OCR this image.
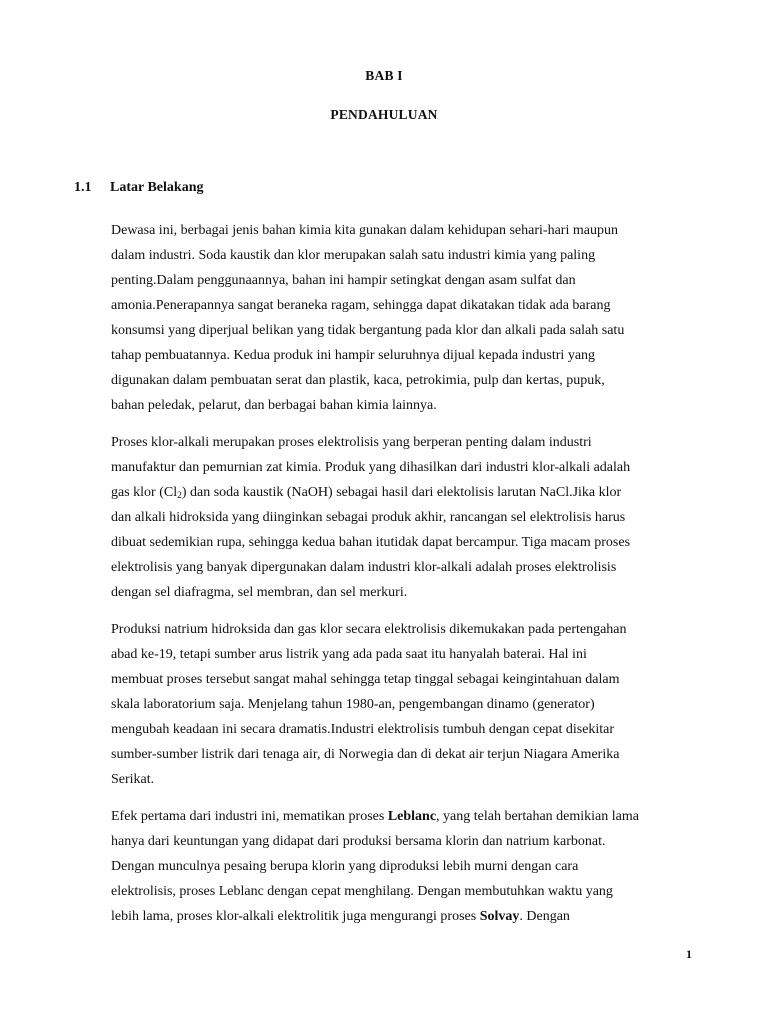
BAB I

PENDAHULUAN

1.1 Latar Belakang

Dewasa ini, berbagai jenis bahan kimia kita gunakan dalam kehidupan sehari-hari maupun
dalam industri. Soda kaustik dan klor merupakan salah satu industri kimia yang paling
penting.Dalam penggunaannya, bahan ini hampir setingkat dengan asam sulfat dan
amonia.Penerapannya sangat beraneka ragam, sehingga dapat dikatakan tidak ada barang
konsumsi yang diperjual belikan yang tidak bergantung pada klor dan alkali pada salah satu
tahap pembuatannya. Kedua produk ini hampir seluruhnya dijual kepada industri yang
digunakan dalam pembuatan serat dan plastik, kaca, petrokimia, pulp dan kertas, pupuk,
bahan peledak, pelarut, dan berbagai bahan kimia lainnya.
Proses klor-alkali merupakan proses elektrolisis yang berperan penting dalam industri
manufaktur dan pemurnian zat kimia. Produk yang dihasilkan dari industri klor-alkali adalah
gas klor $(Cl_2)$ dan soda kaustik (NaOH) sebagai hasil dari elektolisis larutan NaCl.Jika klor
dan alkali hidroksida yang diinginkan sebagai produk akhir, rancangan sel elektrolisis harus
dibuat sedemikian rupa, sehingga kedua bahan itutidak dapat bercampur. Tiga macam proses
elektrolisis yang banyak dipergunakan dalam industri klor-alkali adalah proses elektrolisis
dengan sel diafragma, sel membran, dan sel merkuri.
Produksi natrium hidroksida dan gas klor secara elektrolisis dikemukakan pada pertengahan
abad ke-19, tetapi sumber arus listrik yang ada pada saat itu hanyalah baterai. Hal ini
membuat proses tersebut sangat mahal sehingga tetap tinggal sebagai keingintahuan dalam
skala laboratorium saja. Menjelang tahun 1980-an, pengembangan dinamo (generator)
mengubah keadaan ini secara dramatis.Industri elektrolisis tumbuh dengan cepat disekitar
sumber-sumber listrik dari tenaga air, di Norwegia dan di dekat air terjun Niagara Amerika
Serikat.
Efek pertama dari industri ini, mematikan proses Leblanc, yang telah bertahan demikian lama
hanya dari keuntungan yang didapat dari produksi bersama klorin dan natrium karbonat.
Dengan munculnya pesaing berupa klorin yang diproduksi lebih murni dengan cara
elektrolisis, proses Leblanc dengan cepat menghilang. Dengan membutuhkan waktu yang
lebih lama, proses klor-alkali elektrolitik juga mengurangi proses Solvay. Dengan

1
